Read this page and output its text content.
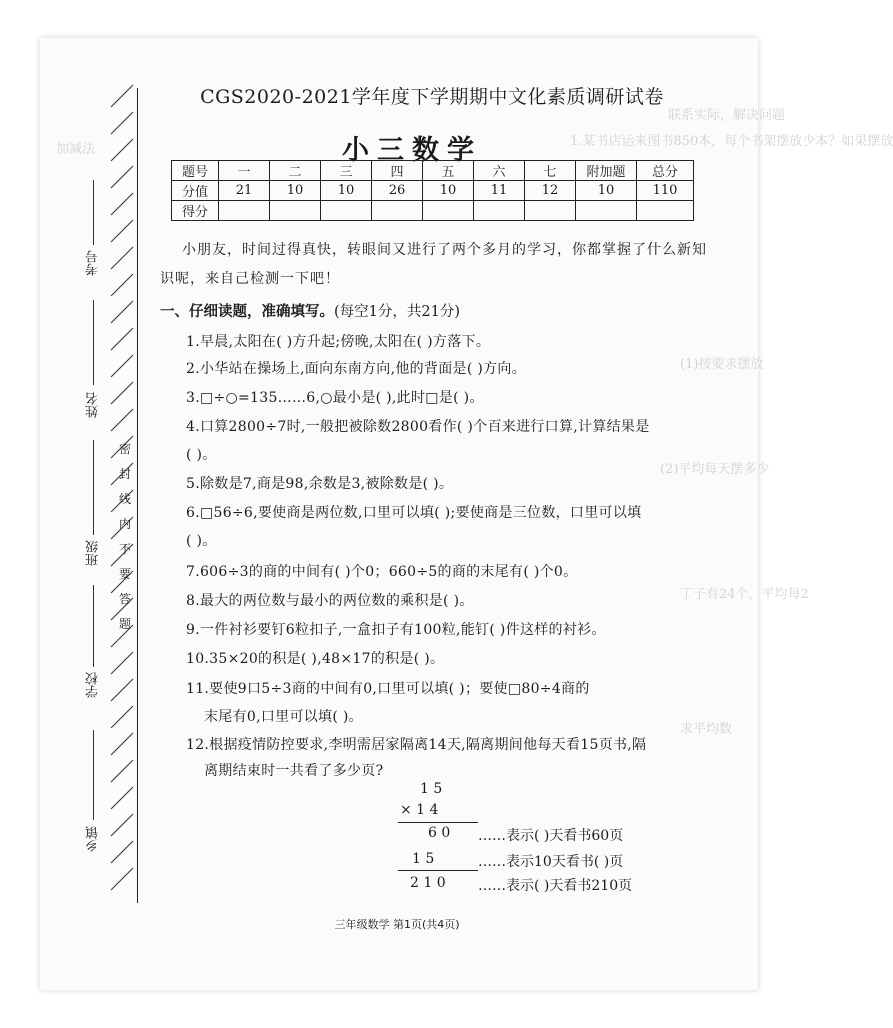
联系实际，解决问题
1.某书店运来图书850本，每个书架摆放少本？如果摆放
加减法
(1)按要求摆放
(2)平均每天摆多少
丁子有24个，平均每2
求平均数
考号
姓名
班级
学校
乡镇
密
封
线
内
不
要
答
题
CGS2020-2021学年度下学期期中文化素质调研试卷
小三数学
题号	一	二	三	四	五	六	七	附加题	总分
分值	21	10	10	26	10	11	12	10	110
得分									
小朋友，时间过得真快，转眼间又进行了两个多月的学习，你都掌握了什么新知识呢，来自己检测一下吧！
一、仔细读题，准确填写。(每空1分，共21分)
1.早晨,太阳在( )方升起;傍晚,太阳在( )方落下。
2.小华站在操场上,面向东南方向,他的背面是( )方向。
3.□÷○=135……6,○最小是( ),此时□是( )。
4.口算2800÷7时,一般把被除数2800看作( )个百来进行口算,计算结果是
( )。
5.除数是7,商是98,余数是3,被除数是( )。
6.□56÷6,要使商是两位数,口里可以填( );要使商是三位数，口里可以填
( )。
7.606÷3的商的中间有( )个0；660÷5的商的末尾有( )个0。
8.最大的两位数与最小的两位数的乘积是( )。
9.一件衬衫要钉6粒扣子,一盒扣子有100粒,能钉( )件这样的衬衫。
10.35×20的积是( ),48×17的积是( )。
11.要使9口5÷3商的中间有0,口里可以填( )；要使□80÷4商的
末尾有0,口里可以填( )。
12.根据疫情防控要求,李明需居家隔离14天,隔离期间他每天看15页书,隔
离期结束时一共看了多少页?
1 5
× 1 4
6 0 ……表示( )天看书60页
1 5	……表示10天看书( )页
2 1 0 ……表示( )天看书210页
三年级数学 第1页(共4页)
